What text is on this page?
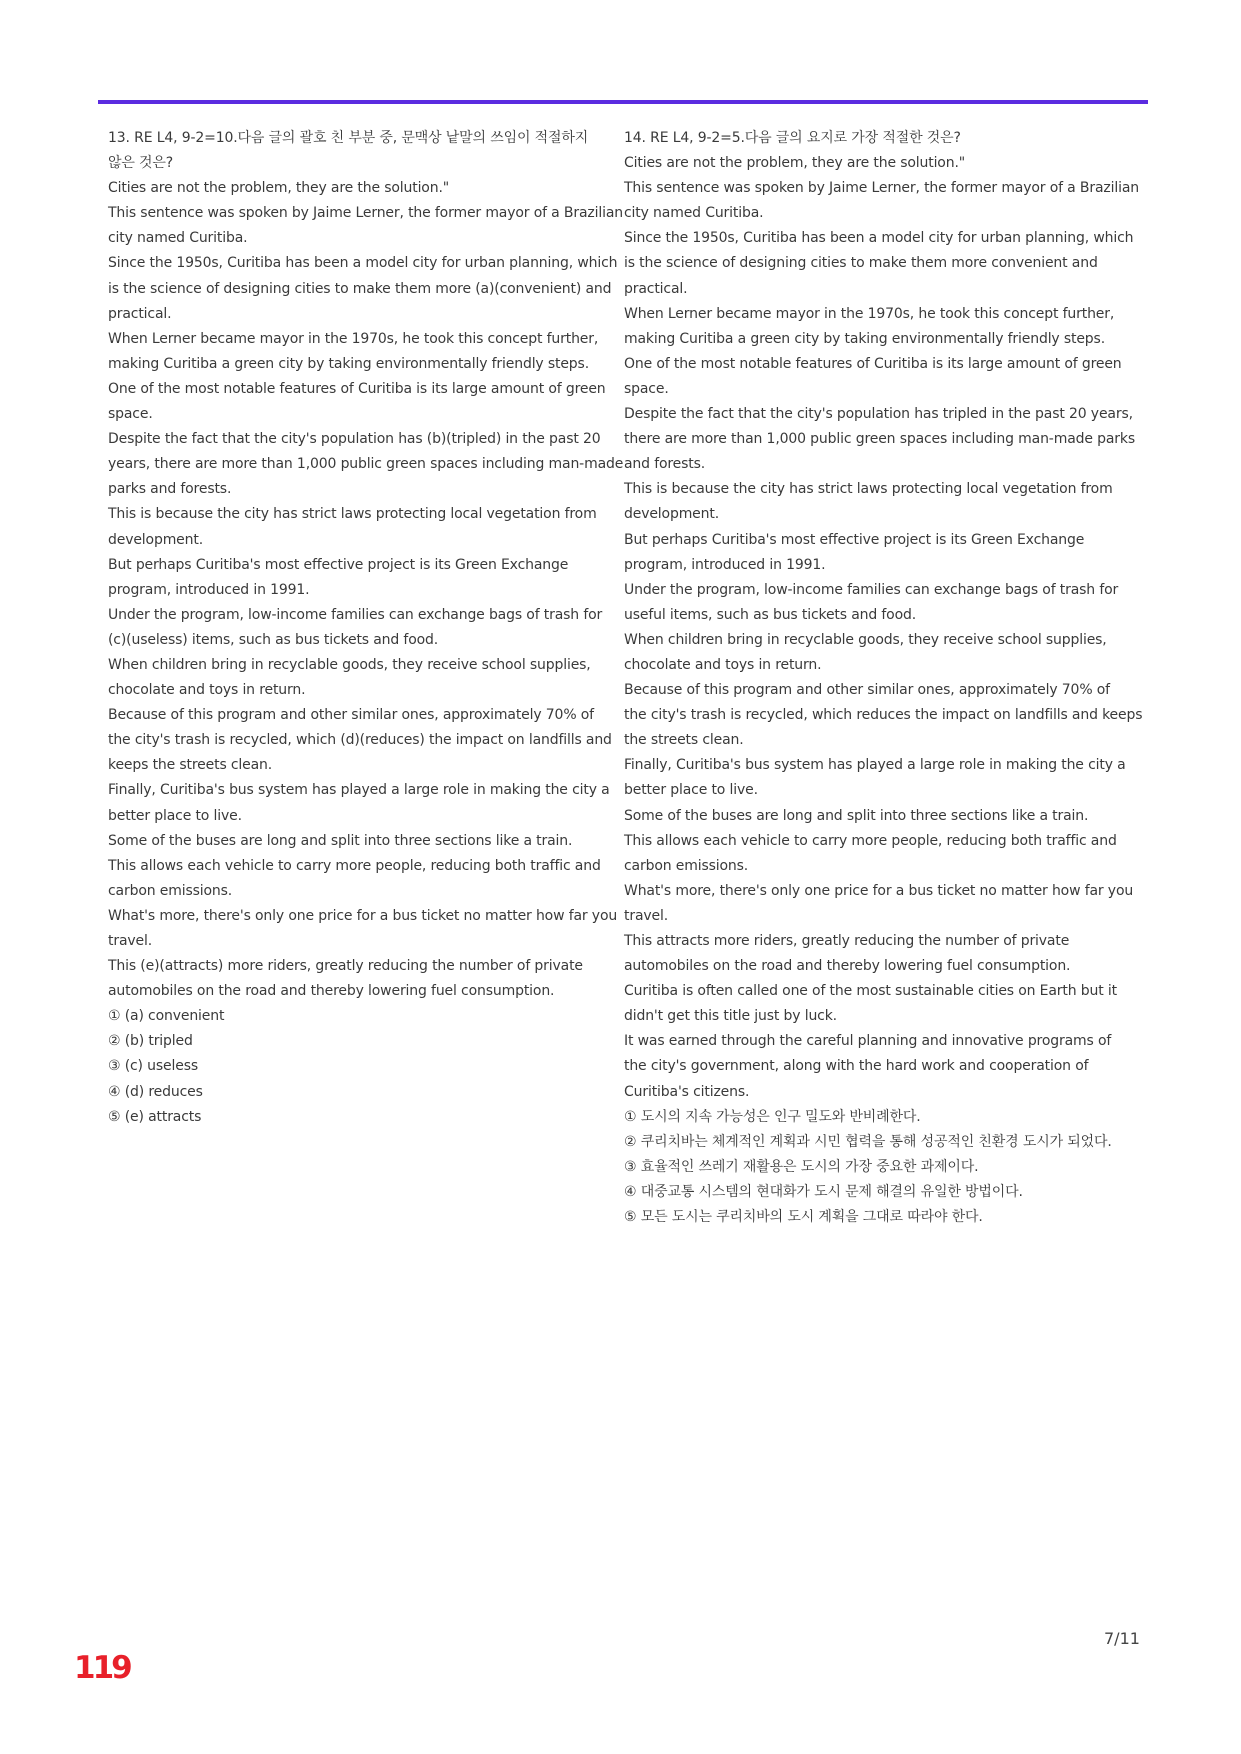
13. RE L4, 9-2=10.다음 글의 괄호 친 부분 중, 문맥상 낱말의 쓰임이 적절하지
않은 것은?
Cities are not the problem, they are the solution."
This sentence was spoken by Jaime Lerner, the former mayor of a Brazilian
city named Curitiba.
Since the 1950s, Curitiba has been a model city for urban planning, which
is the science of designing cities to make them more (a)(convenient) and
practical.
When Lerner became mayor in the 1970s, he took this concept further,
making Curitiba a green city by taking environmentally friendly steps.
One of the most notable features of Curitiba is its large amount of green
space.
Despite the fact that the city's population has (b)(tripled) in the past 20
years, there are more than 1,000 public green spaces including man-made
parks and forests.
This is because the city has strict laws protecting local vegetation from
development.
But perhaps Curitiba's most effective project is its Green Exchange
program, introduced in 1991.
Under the program, low-income families can exchange bags of trash for
(c)(useless) items, such as bus tickets and food.
When children bring in recyclable goods, they receive school supplies,
chocolate and toys in return.
Because of this program and other similar ones, approximately 70% of
the city's trash is recycled, which (d)(reduces) the impact on landfills and
keeps the streets clean.
Finally, Curitiba's bus system has played a large role in making the city a
better place to live.
Some of the buses are long and split into three sections like a train.
This allows each vehicle to carry more people, reducing both traffic and
carbon emissions.
What's more, there's only one price for a bus ticket no matter how far you
travel.
This (e)(attracts) more riders, greatly reducing the number of private
automobiles on the road and thereby lowering fuel consumption.
① (a) convenient
② (b) tripled
③ (c) useless
④ (d) reduces
⑤ (e) attracts
14. RE L4, 9-2=5.다음 글의 요지로 가장 적절한 것은?
Cities are not the problem, they are the solution."
This sentence was spoken by Jaime Lerner, the former mayor of a Brazilian
city named Curitiba.
Since the 1950s, Curitiba has been a model city for urban planning, which
is the science of designing cities to make them more convenient and
practical.
When Lerner became mayor in the 1970s, he took this concept further,
making Curitiba a green city by taking environmentally friendly steps.
One of the most notable features of Curitiba is its large amount of green
space.
Despite the fact that the city's population has tripled in the past 20 years,
there are more than 1,000 public green spaces including man-made parks
and forests.
This is because the city has strict laws protecting local vegetation from
development.
But perhaps Curitiba's most effective project is its Green Exchange
program, introduced in 1991.
Under the program, low-income families can exchange bags of trash for
useful items, such as bus tickets and food.
When children bring in recyclable goods, they receive school supplies,
chocolate and toys in return.
Because of this program and other similar ones, approximately 70% of
the city's trash is recycled, which reduces the impact on landfills and keeps
the streets clean.
Finally, Curitiba's bus system has played a large role in making the city a
better place to live.
Some of the buses are long and split into three sections like a train.
This allows each vehicle to carry more people, reducing both traffic and
carbon emissions.
What's more, there's only one price for a bus ticket no matter how far you
travel.
This attracts more riders, greatly reducing the number of private
automobiles on the road and thereby lowering fuel consumption.
Curitiba is often called one of the most sustainable cities on Earth but it
didn't get this title just by luck.
It was earned through the careful planning and innovative programs of
the city's government, along with the hard work and cooperation of
Curitiba's citizens.
① 도시의 지속 가능성은 인구 밀도와 반비례한다.
② 쿠리치바는 체계적인 계획과 시민 협력을 통해 성공적인 친환경 도시가 되었다.
③ 효율적인 쓰레기 재활용은 도시의 가장 중요한 과제이다.
④ 대중교통 시스템의 현대화가 도시 문제 해결의 유일한 방법이다.
⑤ 모든 도시는 쿠리치바의 도시 계획을 그대로 따라야 한다.
7/11
119
